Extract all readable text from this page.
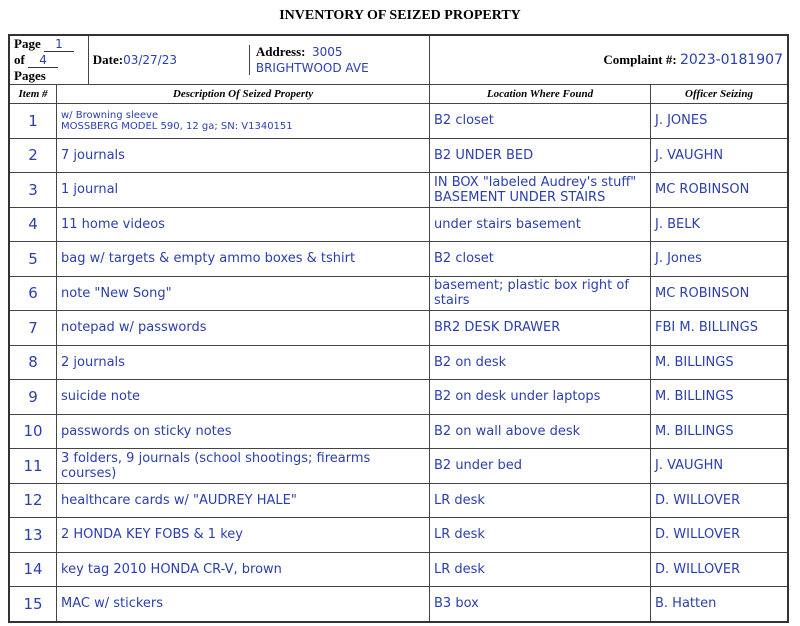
INVENTORY OF SEIZED PROPERTY
Page 1 of 4 Pages		Date: 03/27/23
Address: 3005 BRIGHTWOOD AVE	Complaint #: 2023-0181907	
Item #	Description Of Seized Property		Location Where Found	Officer Seizing
1	w/ Browning sleeve
MOSSBERG MODEL 590, 12 ga; SN: V1340151		B2 closet	J. JONES
2	7 journals		B2 UNDER BED	J. VAUGHN
3	1 journal		IN BOX "labeled Audrey's stuff" BASEMENT UNDER STAIRS	MC ROBINSON
4	11 home videos		under stairs basement	J. BELK
5	bag w/ targets & empty ammo boxes & tshirt		B2 closet	J. Jones
6	note "New Song"		basement; plastic box right of stairs	MC ROBINSON
7	notepad w/ passwords		BR2 DESK DRAWER	FBI M. BILLINGS
8	2 journals		B2 on desk	M. BILLINGS
9	suicide note		B2 on desk under laptops	M. BILLINGS
10	passwords on sticky notes		B2 on wall above desk	M. BILLINGS
11	3 folders, 9 journals (school shootings; firearms courses)		B2 under bed	J. VAUGHN
12	healthcare cards w/ "AUDREY HALE"		LR desk	D. WILLOVER
13	2 HONDA KEY FOBS & 1 key		LR desk	D. WILLOVER
14	key tag 2010 HONDA CR-V, brown		LR desk	D. WILLOVER
15	MAC w/ stickers		B3 box	B. Hatten
